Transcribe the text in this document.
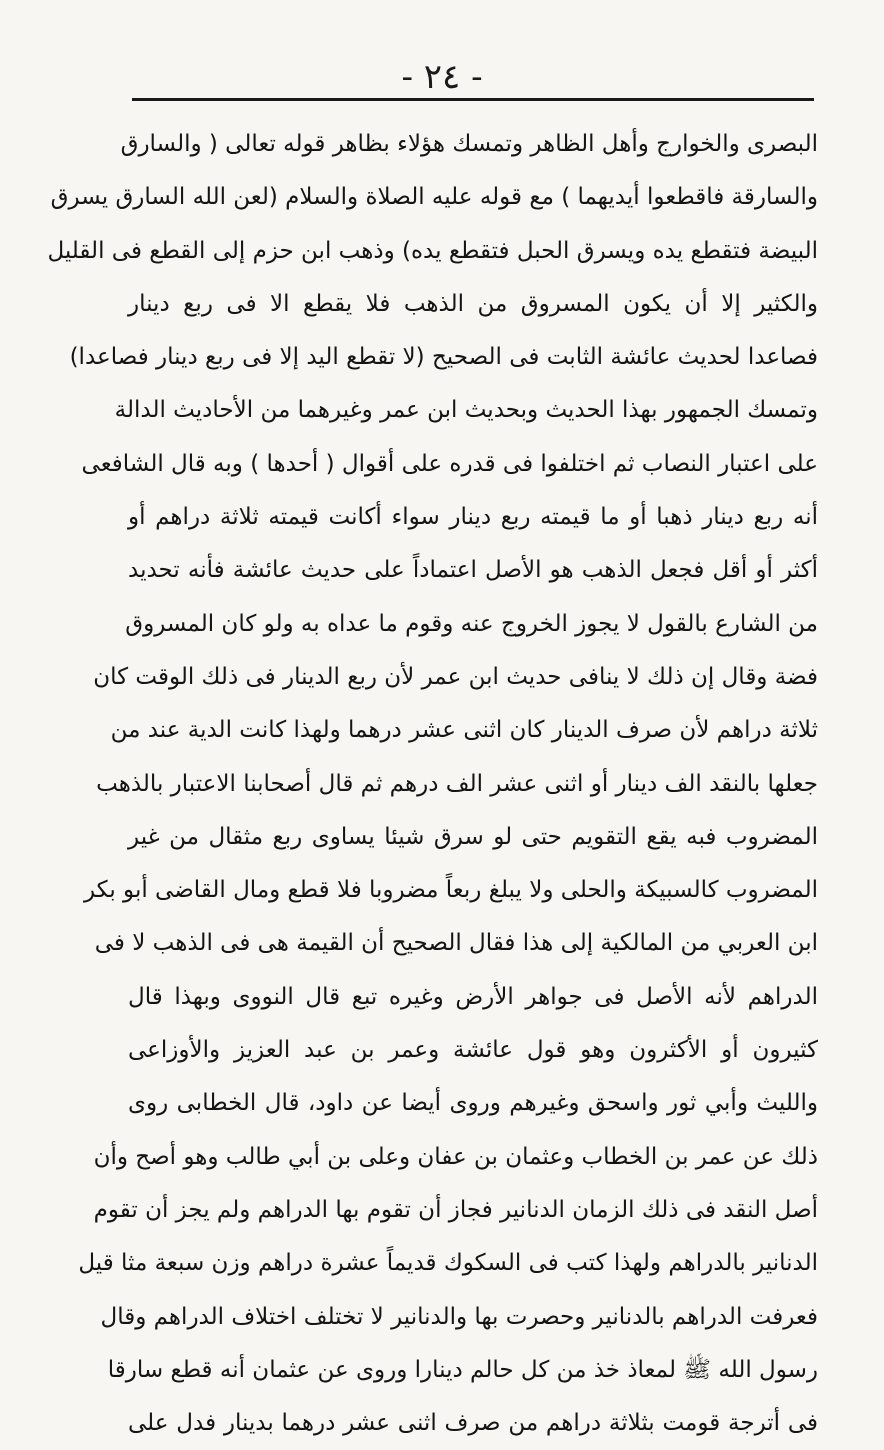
- ٢٤ -
البصرى والخوارج وأهل الظاهر وتمسك هؤلاء بظاهر قوله تعالى ( والسارق
والسارقة فاقطعوا أيديهما ) مع قوله عليه الصلاة والسلام (لعن الله السارق يسرق
البيضة فتقطع يده ويسرق الحبل فتقطع يده) وذهب ابن حزم إلى القطع فى القليل
والكثير إلا أن يكون المسروق من الذهب فلا يقطع الا فى ربع دينار
فصاعدا لحديث عائشة الثابت فى الصحيح (لا تقطع اليد إلا فى ربع دينار فصاعدا)
وتمسك الجمهور بهذا الحديث وبحديث ابن عمر وغيرهما من الأحاديث الدالة
على اعتبار النصاب ثم اختلفوا فى قدره على أقوال ( أحدها ) وبه قال الشافعى
أنه ربع دينار ذهبا أو ما قيمته ربع دينار سواء أكانت قيمته ثلاثة دراهم أو
أكثر أو أقل فجعل الذهب هو الأصل اعتماداً على حديث عائشة فأنه تحديد
من الشارع بالقول لا يجوز الخروج عنه وقوم ما عداه به ولو كان المسروق
فضة وقال إن ذلك لا ينافى حديث ابن عمر لأن ربع الدينار فى ذلك الوقت كان
ثلاثة دراهم لأن صرف الدينار كان اثنى عشر درهما ولهذا كانت الدية عند من
جعلها بالنقد الف دينار أو اثنى عشر الف درهم ثم قال أصحابنا الاعتبار بالذهب
المضروب فبه يقع التقويم حتى لو سرق شيئا يساوى ربع مثقال من غير
المضروب كالسبيكة والحلى ولا يبلغ ربعاً مضروبا فلا قطع ومال القاضى أبو بكر
ابن العربي من المالكية إلى هذا فقال الصحيح أن القيمة هى فى الذهب لا فى
الدراهم لأنه الأصل فى جواهر الأرض وغيره تبع قال النووى وبهذا قال
كثيرون أو الأكثرون وهو قول عائشة وعمر بن عبد العزيز والأوزاعى
والليث وأبي ثور واسحق وغيرهم وروى أيضا عن داود، قال الخطابى روى
ذلك عن عمر بن الخطاب وعثمان بن عفان وعلى بن أبي طالب وهو أصح وأن
أصل النقد فى ذلك الزمان الدنانير فجاز أن تقوم بها الدراهم ولم يجز أن تقوم
الدنانير بالدراهم ولهذا كتب فى السكوك قديماً عشرة دراهم وزن سبعة مثا قيل
فعرفت الدراهم بالدنانير وحصرت بها والدنانير لا تختلف اختلاف الدراهم وقال
رسول الله ﷺ لمعاذ خذ من كل حالم دينارا وروى عن عثمان أنه قطع سارقا
فى أترجة قومت بثلاثة دراهم من صرف اثنى عشر درهما بدينار فدل على
